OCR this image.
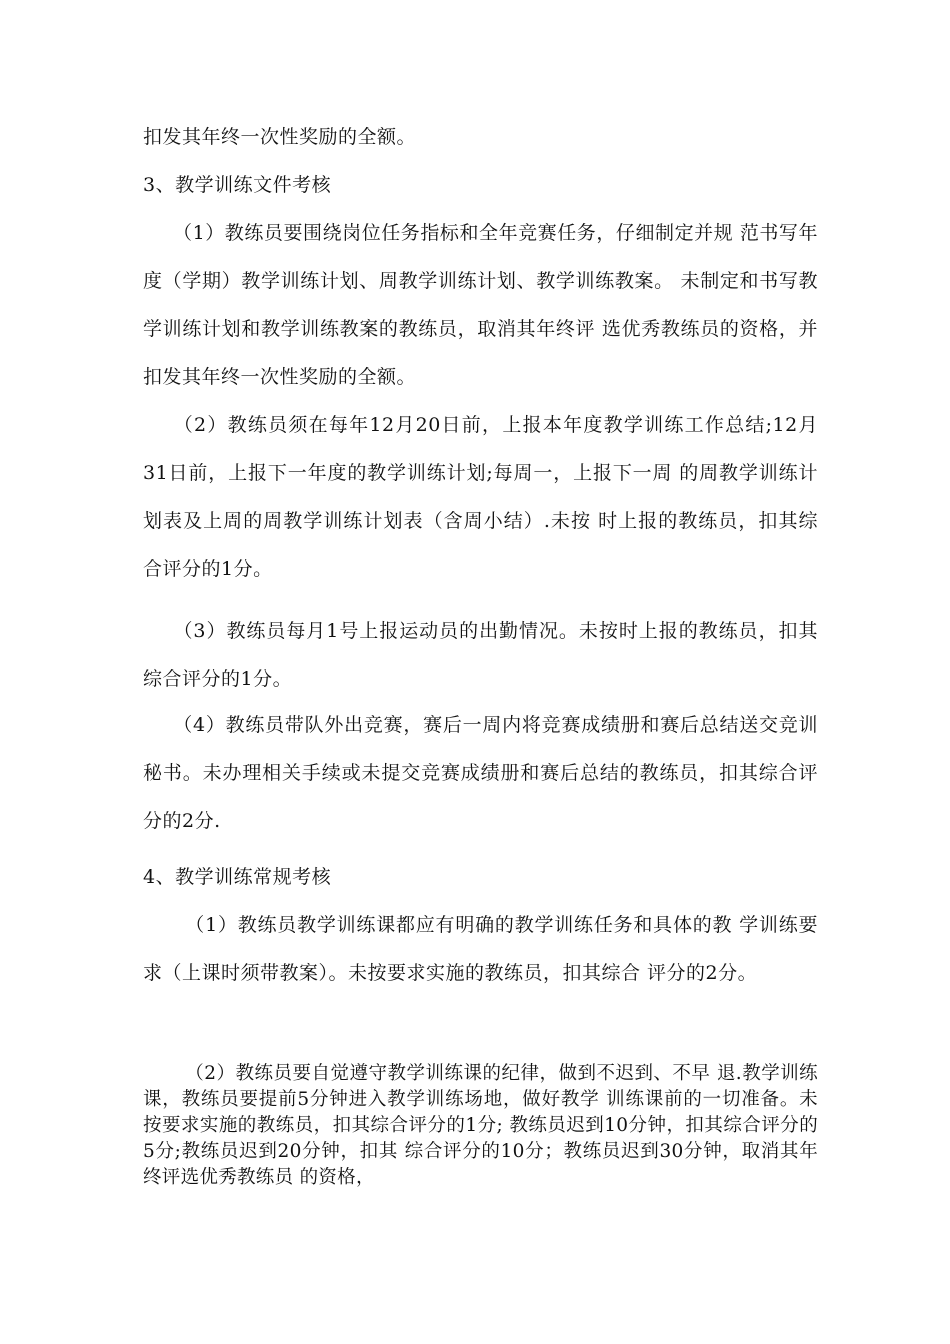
扣发其年终一次性奖励的全额。

3、教学训练文件考核

（1）教练员要围绕岗位任务指标和全年竞赛任务，仔细制定并规 范书写年度（学期）教学训练计划、周教学训练计划、教学训练教案。 未制定和书写教学训练计划和教学训练教案的教练员，取消其年终评 选优秀教练员的资格，并扣发其年终一次性奖励的全额。

（2）教练员须在每年12月20日前，上报本年度教学训练工作总结;12月31日前，上报下一年度的教学训练计划;每周一，上报下一周 的周教学训练计划表及上周的周教学训练计划表（含周小结）.未按 时上报的教练员，扣其综合评分的1分。

（3）教练员每月1号上报运动员的出勤情况。未按时上报的教练员，扣其综合评分的1分。

（4）教练员带队外出竞赛，赛后一周内将竞赛成绩册和赛后总结送交竞训秘书。未办理相关手续或未提交竞赛成绩册和赛后总结的教练员，扣其综合评分的2分.

4、教学训练常规考核

（1）教练员教学训练课都应有明确的教学训练任务和具体的教 学训练要求（上课时须带教案）。未按要求实施的教练员，扣其综合 评分的2分。

（2）教练员要自觉遵守教学训练课的纪律，做到不迟到、不早 退.教学训练课，教练员要提前5分钟进入教学训练场地，做好教学 训练课前的一切准备。未按要求实施的教练员，扣其综合评分的1分; 教练员迟到10分钟，扣其综合评分的5分;教练员迟到20分钟，扣其 综合评分的10分；教练员迟到30分钟，取消其年终评选优秀教练员 的资格，
